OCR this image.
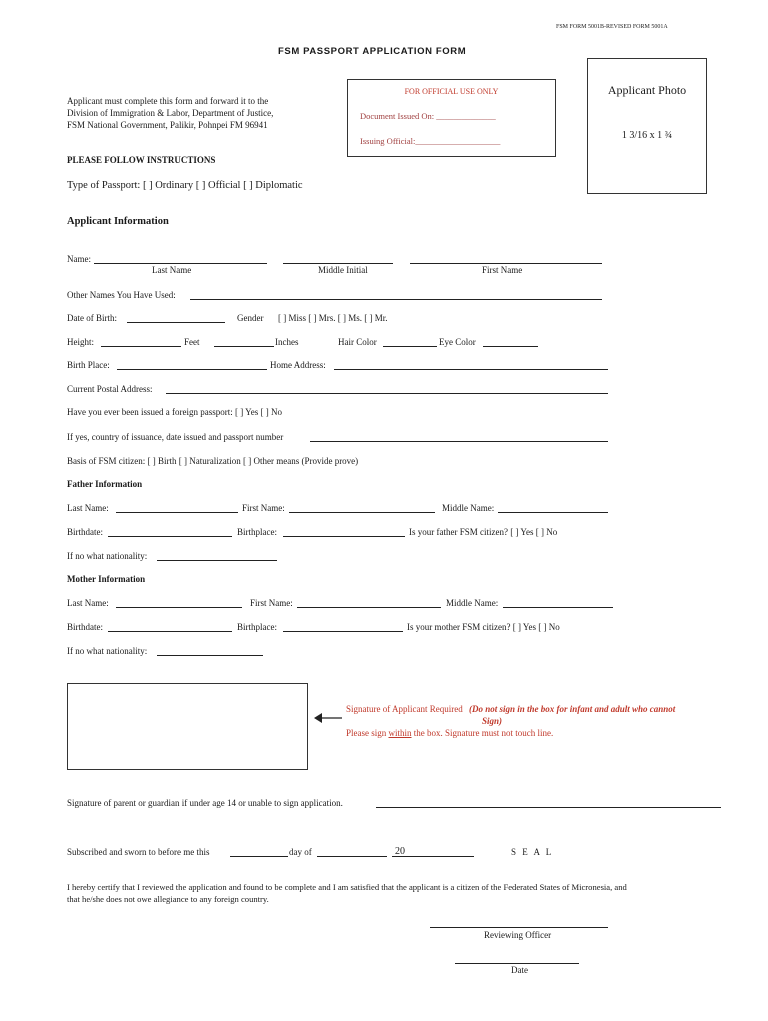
FSM FORM 5001B-REVISED FORM 5001A
FSM PASSPORT APPLICATION FORM
Applicant must complete this form and forward it to the
Division of Immigration & Labor, Department of Justice,
FSM National Government, Palikir, Pohnpei FM 96941
FOR OFFICIAL USE ONLY
Document Issued On: ______________
Issuing Official:____________________
Applicant Photo
1 3/16 x 1 ¾
PLEASE FOLLOW INSTRUCTIONS
Type of Passport: [ ] Ordinary [ ] Official [ ] Diplomatic
Applicant Information
Name:
Last Name	Middle Initial	First Name
Other Names You Have Used:
Date of Birth:	Gender [ ] Miss [ ] Mrs. [ ] Ms. [ ] Mr.
Height:	Feet	Inches	Hair Color	Eye Color
Birth Place:	Home Address:
Current Postal Address:
Have you ever been issued a foreign passport: [ ] Yes [ ] No
If yes, country of issuance, date issued and passport number
Basis of FSM citizen: [ ] Birth [ ] Naturalization [ ] Other means (Provide prove)
Father Information
Last Name:	First Name:	Middle Name:
Birthdate:	Birthplace:	Is your father FSM citizen? [ ] Yes [ ] No
If no what nationality:
Mother Information
Last Name:	First Name:	Middle Name:
Birthdate:	Birthplace:	Is your mother FSM citizen? [ ] Yes [ ] No
If no what nationality:
Signature of Applicant Required (Do not sign in the box for infant and adult who cannot
Sign)
Please sign within the box. Signature must not touch line.
Signature of parent or guardian if under age 14 or unable to sign application.
Subscribed and sworn to before me this	day of	20	S E A L
I hereby certify that I reviewed the application and found to be complete and I am satisfied that the applicant is a citizen of the Federated States of Micronesia, and
that he/she does not owe allegiance to any foreign country.
Reviewing Officer
Date
